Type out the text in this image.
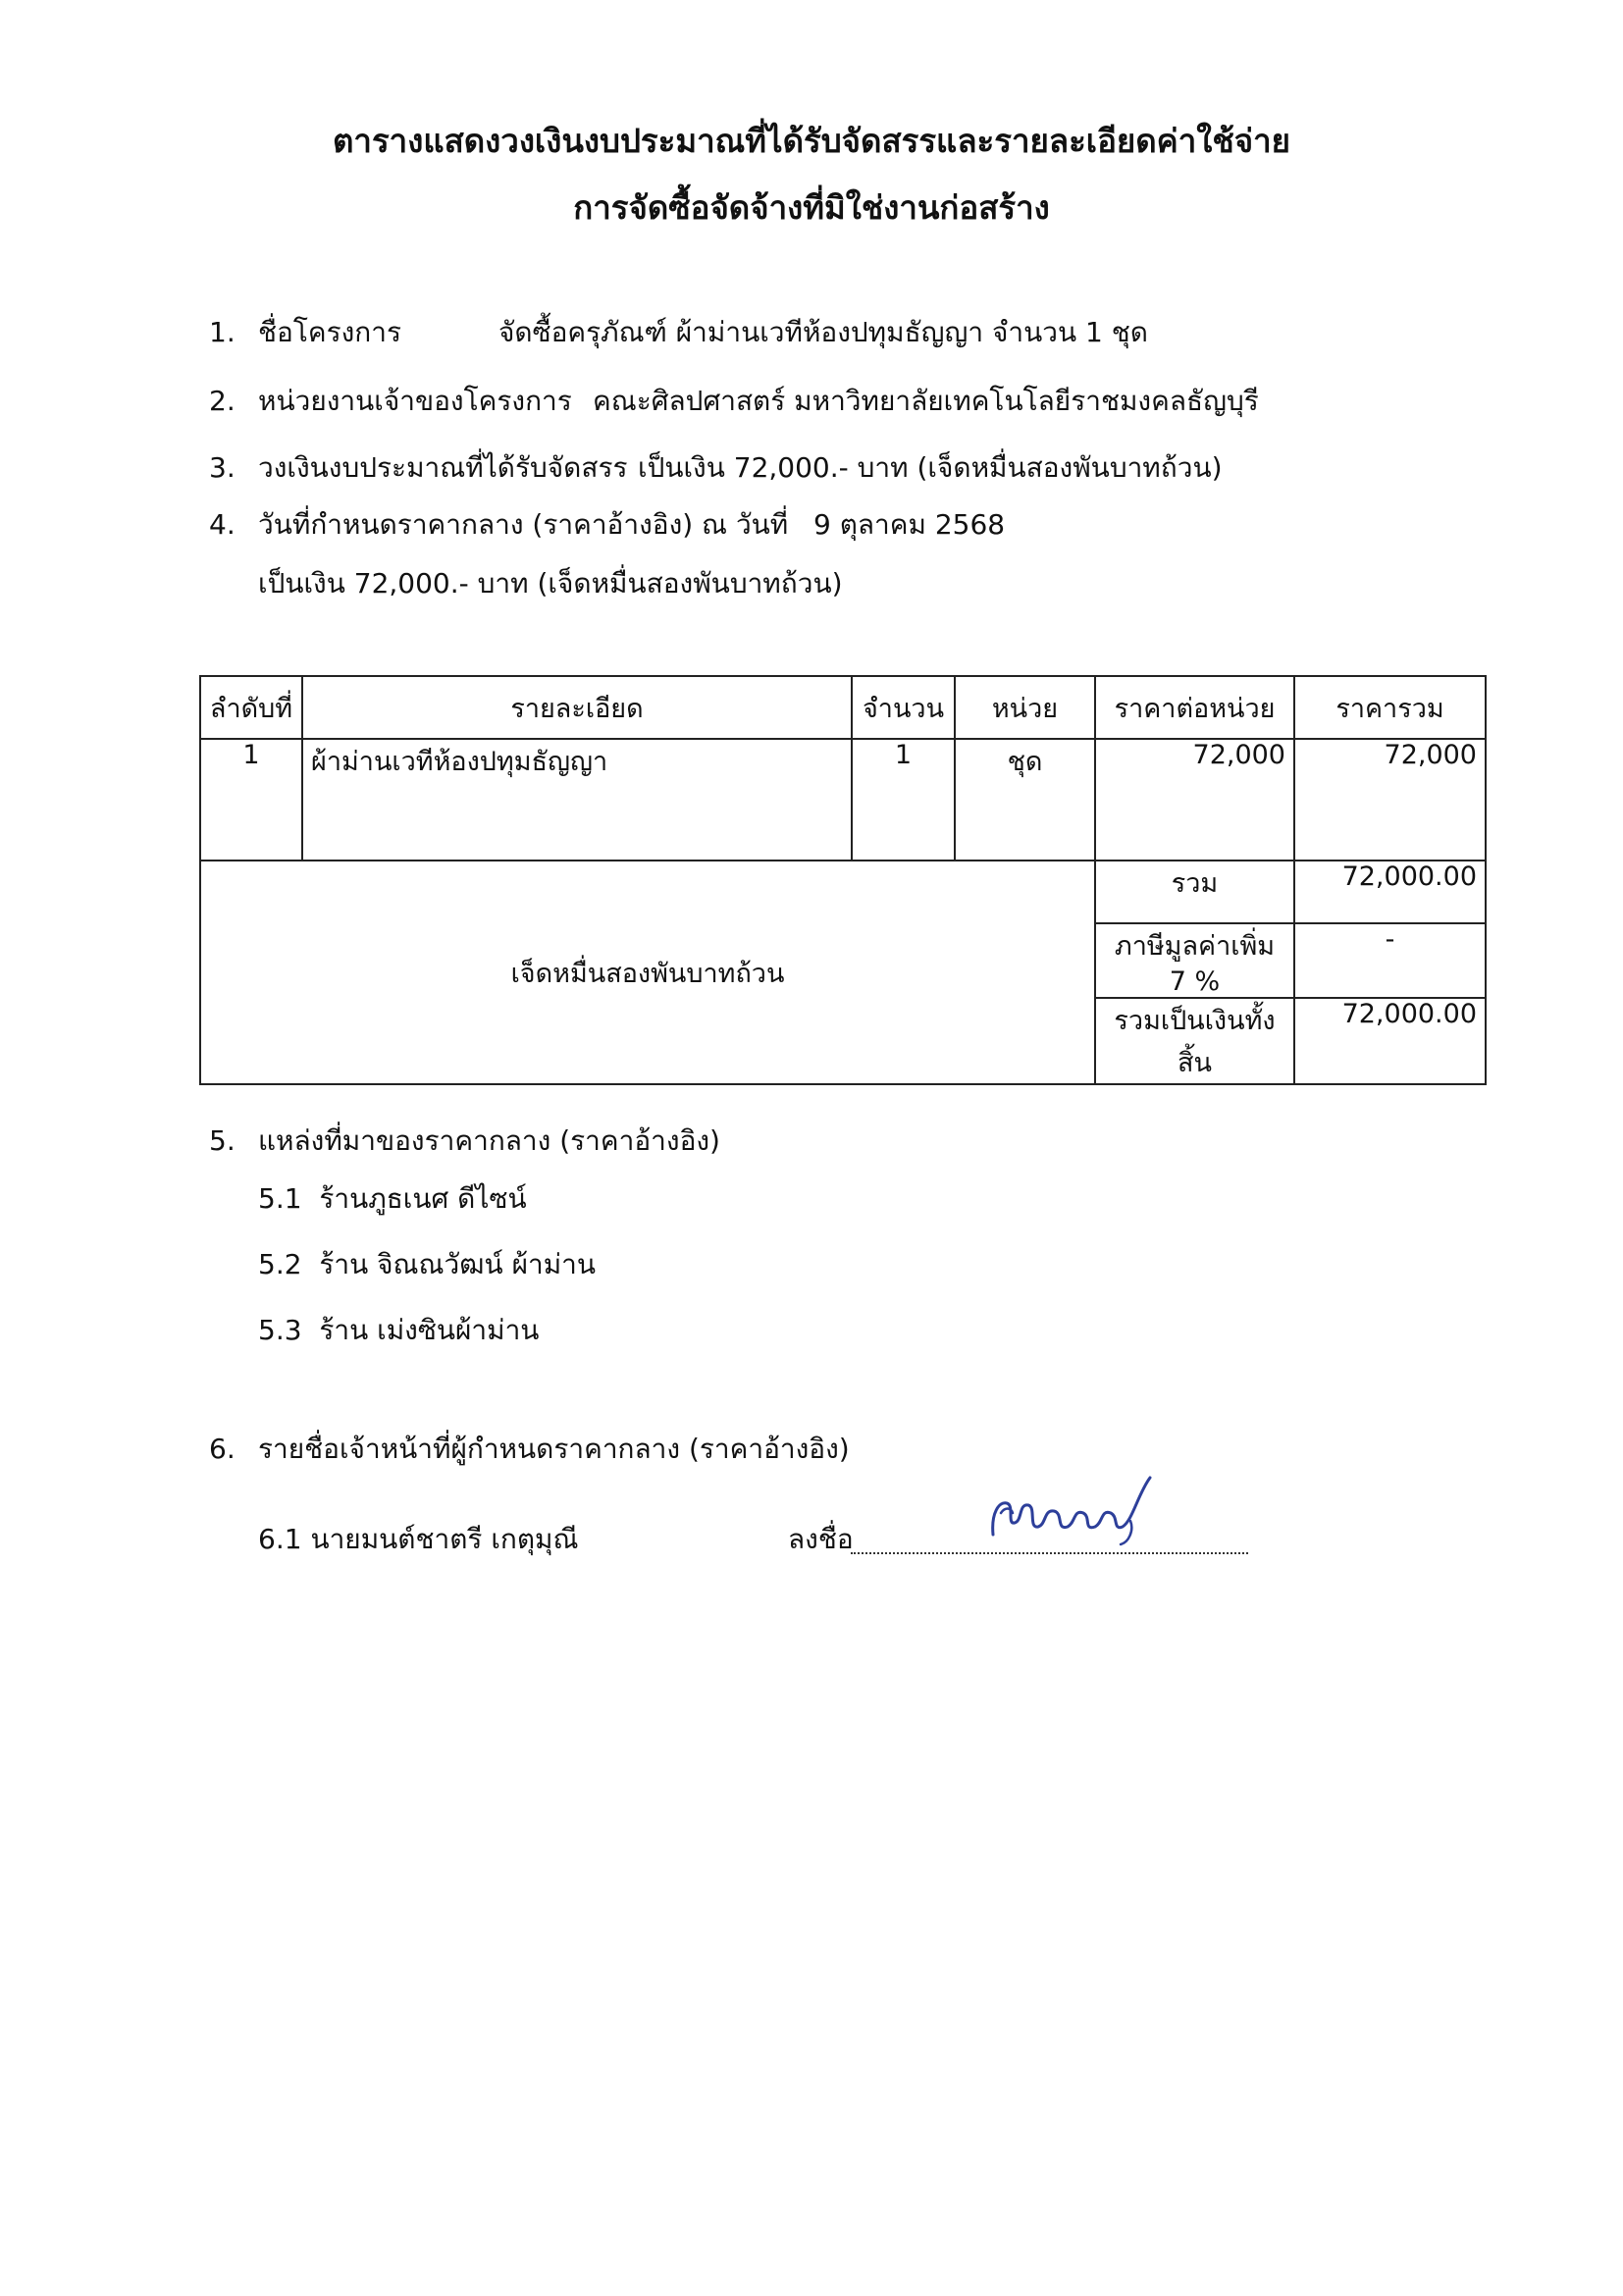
ตารางแสดงวงเงินงบประมาณที่ได้รับจัดสรรและรายละเอียดค่าใช้จ่าย
การจัดซื้อจัดจ้างที่มิใช่งานก่อสร้าง
1. ชื่อโครงการ	จัดซื้อครุภัณฑ์ ผ้าม่านเวทีห้องปทุมธัญญา จำนวน 1 ชุด
2. หน่วยงานเจ้าของโครงการ คณะศิลปศาสตร์ มหาวิทยาลัยเทคโนโลยีราชมงคลธัญบุรี
3. วงเงินงบประมาณที่ได้รับจัดสรร เป็นเงิน 72,000.- บาท (เจ็ดหมื่นสองพันบาทถ้วน)
4. วันที่กำหนดราคากลาง (ราคาอ้างอิง) ณ วันที่ 9 ตุลาคม 2568
เป็นเงิน 72,000.- บาท (เจ็ดหมื่นสองพันบาทถ้วน)
ลำดับที่	รายละเอียด	จำนวน	หน่วย	ราคาต่อหน่วย	ราคารวม
1	ผ้าม่านเวทีห้องปทุมธัญญา	1	ชุด	72,000	72,000
เจ็ดหมื่นสองพันบาทถ้วน				รวม	72,000.00
				ภาษีมูลค่าเพิ่ม 7 %	-
				รวมเป็นเงินทั้งสิ้น	72,000.00
5. แหล่งที่มาของราคากลาง (ราคาอ้างอิง)
5.1 ร้านภูธเนศ ดีไซน์
5.2 ร้าน จิณณวัฒน์ ผ้าม่าน
5.3 ร้าน เม่งซินผ้าม่าน
6. รายชื่อเจ้าหน้าที่ผู้กำหนดราคากลาง (ราคาอ้างอิง)
6.1 นายมนต์ชาตรี เกตุมุณี	ลงชื่อ
